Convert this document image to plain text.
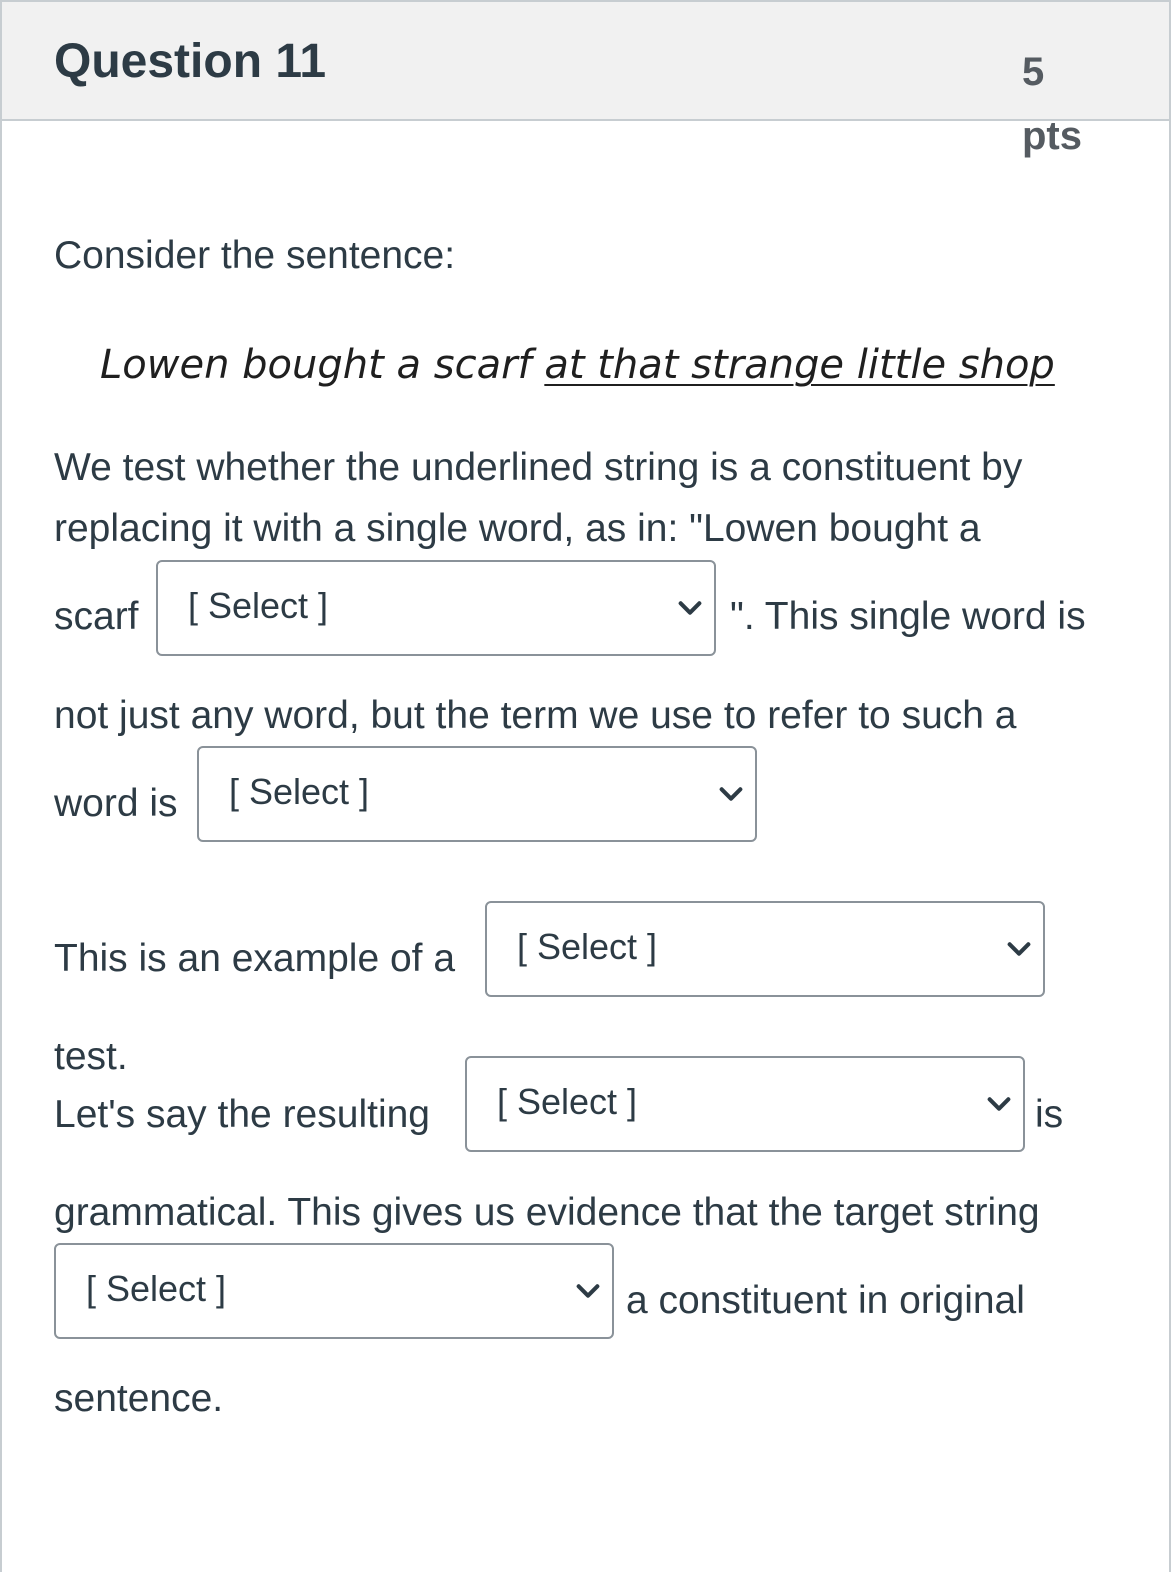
Question 11	5
pts
Consider the sentence:
Lowen bought a scarf at that strange little shop
We test whether the underlined string is a constituent by
replacing it with a single word, as in: "Lowen bought a
scarf [ Select ]	". This single word is
not just any word, but the term we use to refer to such a
word is [ Select ]
This is an example of a [ Select ]
test.
Let's say the resulting [ Select ]	is
grammatical. This gives us evidence that the target string
[ Select ]	a constituent in original
sentence.
